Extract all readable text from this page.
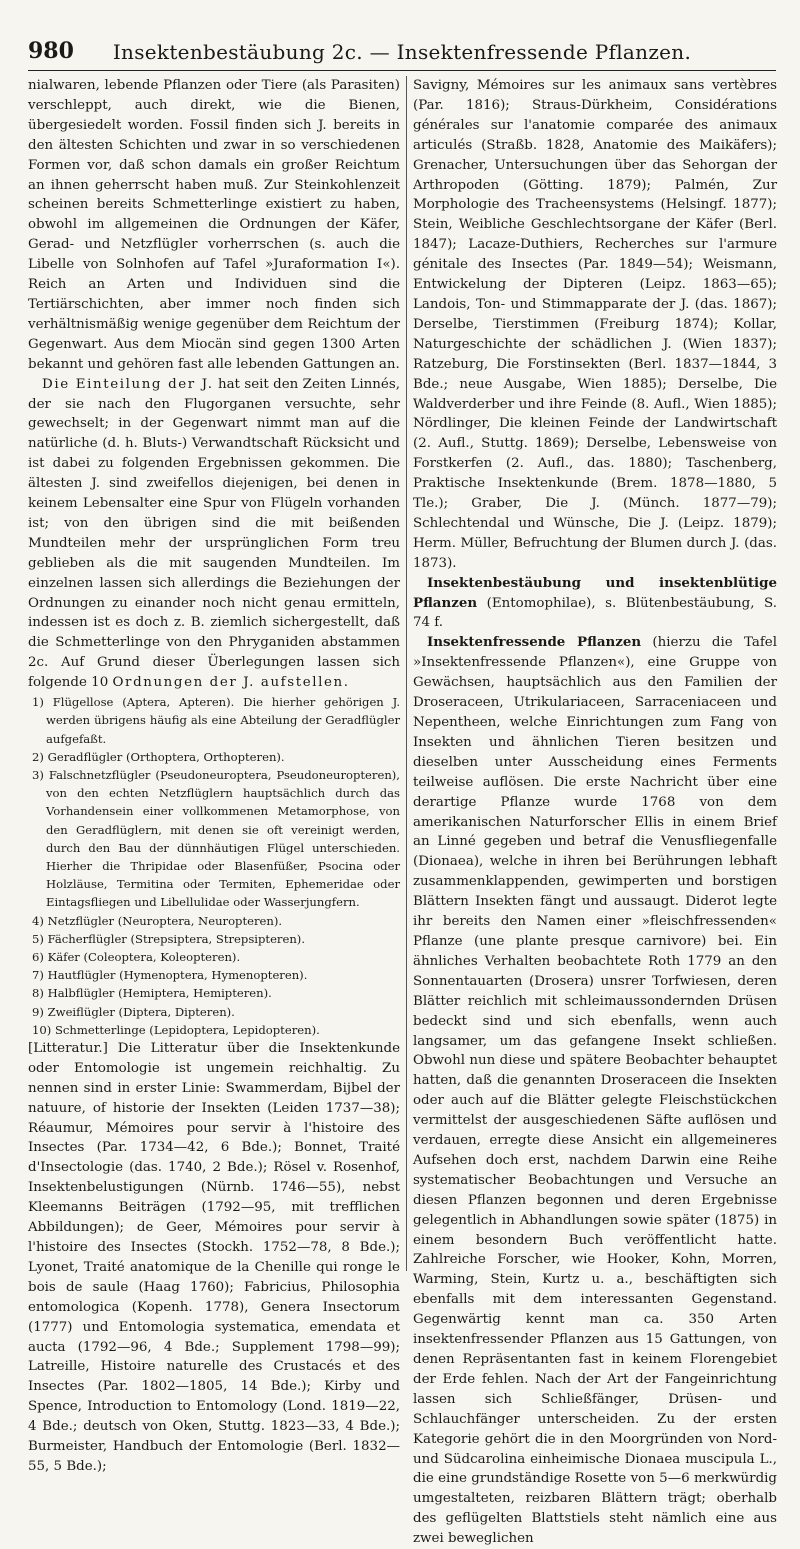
980	Insektenbestäubung 2c. — Insektenfressende Pflanzen.

nialwaren, lebende Pflanzen oder Tiere (als Parasiten) verschleppt, auch direkt, wie die Bienen, übergesiedelt worden. Fossil finden sich J. bereits in den ältesten Schichten und zwar in so verschiedenen Formen vor, daß schon damals ein großer Reichtum an ihnen geherrscht haben muß. Zur Steinkohlenzeit scheinen bereits Schmetterlinge existiert zu haben, obwohl im allgemeinen die Ordnungen der Käfer, Gerad- und Netzflügler vorherrschen (s. auch die Libelle von Solnhofen auf Tafel »Juraformation I«). Reich an Arten und Individuen sind die Tertiärschichten, aber immer noch finden sich verhältnismäßig wenige gegenüber dem Reichtum der Gegenwart. Aus dem Miocän sind gegen 1300 Arten bekannt und gehören fast alle lebenden Gattungen an.

Die Einteilung der J. hat seit den Zeiten Linnés, der sie nach den Flugorganen versuchte, sehr gewechselt; in der Gegenwart nimmt man auf die natürliche (d. h. Bluts-) Verwandtschaft Rücksicht und ist dabei zu folgenden Ergebnissen gekommen. Die ältesten J. sind zweifellos diejenigen, bei denen in keinem Lebensalter eine Spur von Flügeln vorhanden ist; von den übrigen sind die mit beißenden Mundteilen mehr der ursprünglichen Form treu geblieben als die mit saugenden Mundteilen. Im einzelnen lassen sich allerdings die Beziehungen der Ordnungen zu einander noch nicht genau ermitteln, indessen ist es doch z. B. ziemlich sichergestellt, daß die Schmetterlinge von den Phryganiden abstammen 2c. Auf Grund dieser Überlegungen lassen sich folgende 10 Ordnungen der J. aufstellen.

1) Flügellose (Aptera, Apteren). Die hierher gehörigen J. werden übrigens häufig als eine Abteilung der Geradflügler aufgefaßt.
2) Geradflügler (Orthoptera, Orthopteren).
3) Falschnetzflügler (Pseudoneuroptera, Pseudoneuropteren), von den echten Netzflüglern hauptsächlich durch das Vorhandensein einer vollkommenen Metamorphose, von den Geradflüglern, mit denen sie oft vereinigt werden, durch den Bau der dünnhäutigen Flügel unterschieden. Hierher die Thripidae oder Blasenfüßer, Psocina oder Holzläuse, Termitina oder Termiten, Ephemeridae oder Eintagsfliegen und Libellulidae oder Wasserjungfern.
4) Netzflügler (Neuroptera, Neuropteren).
5) Fächerflügler (Strepsiptera, Strepsipteren).
6) Käfer (Coleoptera, Koleopteren).
7) Hautflügler (Hymenoptera, Hymenopteren).
8) Halbflügler (Hemiptera, Hemipteren).
9) Zweiflügler (Diptera, Dipteren).
10) Schmetterlinge (Lepidoptera, Lepidopteren).

[Litteratur.] Die Litteratur über die Insektenkunde oder Entomologie ist ungemein reichhaltig. Zu nennen sind in erster Linie: Swammerdam, Bijbel der natuure, of historie der Insekten (Leiden 1737—38); Réaumur, Mémoires pour servir à l'histoire des Insectes (Par. 1734—42, 6 Bde.); Bonnet, Traité d'Insectologie (das. 1740, 2 Bde.); Rösel v. Rosenhof, Insektenbelustigungen (Nürnb. 1746—55), nebst Kleemanns Beiträgen (1792—95, mit trefflichen Abbildungen); de Geer, Mémoires pour servir à l'histoire des Insectes (Stockh. 1752—78, 8 Bde.); Lyonet, Traité anatomique de la Chenille qui ronge le bois de saule (Haag 1760); Fabricius, Philosophia entomologica (Kopenh. 1778), Genera Insectorum (1777) und Entomologia systematica, emendata et aucta (1792—96, 4 Bde.; Supplement 1798—99); Latreille, Histoire naturelle des Crustacés et des Insectes (Par. 1802—1805, 14 Bde.); Kirby und Spence, Introduction to Entomology (Lond. 1819—22, 4 Bde.; deutsch von Oken, Stuttg. 1823—33, 4 Bde.); Burmeister, Handbuch der Entomologie (Berl. 1832—55, 5 Bde.);

Savigny, Mémoires sur les animaux sans vertèbres (Par. 1816); Straus-Dürkheim, Considérations générales sur l'anatomie comparée des animaux articulés (Straßb. 1828, Anatomie des Maikäfers); Grenacher, Untersuchungen über das Sehorgan der Arthropoden (Götting. 1879); Palmén, Zur Morphologie des Tracheensystems (Helsingf. 1877); Stein, Weibliche Geschlechtsorgane der Käfer (Berl. 1847); Lacaze-Duthiers, Recherches sur l'armure génitale des Insectes (Par. 1849—54); Weismann, Entwickelung der Dipteren (Leipz. 1863—65); Landois, Ton- und Stimmapparate der J. (das. 1867); Derselbe, Tierstimmen (Freiburg 1874); Kollar, Naturgeschichte der schädlichen J. (Wien 1837); Ratzeburg, Die Forstinsekten (Berl. 1837—1844, 3 Bde.; neue Ausgabe, Wien 1885); Derselbe, Die Waldverderber und ihre Feinde (8. Aufl., Wien 1885); Nördlinger, Die kleinen Feinde der Landwirtschaft (2. Aufl., Stuttg. 1869); Derselbe, Lebensweise von Forstkerfen (2. Aufl., das. 1880); Taschenberg, Praktische Insektenkunde (Brem. 1878—1880, 5 Tle.); Graber, Die J. (Münch. 1877—79); Schlechtendal und Wünsche, Die J. (Leipz. 1879); Herm. Müller, Befruchtung der Blumen durch J. (das. 1873).

Insektenbestäubung und insektenblütige Pflanzen (Entomophilae), s. Blütenbestäubung, S. 74 f.

Insektenfressende Pflanzen (hierzu die Tafel »Insektenfressende Pflanzen«), eine Gruppe von Gewächsen, hauptsächlich aus den Familien der Droseraceen, Utrikulariaceen, Sarraceniaceen und Nepentheen, welche Einrichtungen zum Fang von Insekten und ähnlichen Tieren besitzen und dieselben unter Ausscheidung eines Ferments teilweise auflösen. Die erste Nachricht über eine derartige Pflanze wurde 1768 von dem amerikanischen Naturforscher Ellis in einem Brief an Linné gegeben und betraf die Venusfliegenfalle (Dionaea), welche in ihren bei Berührungen lebhaft zusammenklappenden, gewimperten und borstigen Blättern Insekten fängt und aussaugt. Diderot legte ihr bereits den Namen einer »fleischfressenden« Pflanze (une plante presque carnivore) bei. Ein ähnliches Verhalten beobachtete Roth 1779 an den Sonnentauarten (Drosera) unsrer Torfwiesen, deren Blätter reichlich mit schleimaussondernden Drüsen bedeckt sind und sich ebenfalls, wenn auch langsamer, um das gefangene Insekt schließen. Obwohl nun diese und spätere Beobachter behauptet hatten, daß die genannten Droseraceen die Insekten oder auch auf die Blätter gelegte Fleischstückchen vermittelst der ausgeschiedenen Säfte auflösen und verdauen, erregte diese Ansicht ein allgemeineres Aufsehen doch erst, nachdem Darwin eine Reihe systematischer Beobachtungen und Versuche an diesen Pflanzen begonnen und deren Ergebnisse gelegentlich in Abhandlungen sowie später (1875) in einem besondern Buch veröffentlicht hatte. Zahlreiche Forscher, wie Hooker, Kohn, Morren, Warming, Stein, Kurtz u. a., beschäftigten sich ebenfalls mit dem interessanten Gegenstand. Gegenwärtig kennt man ca. 350 Arten insektenfressender Pflanzen aus 15 Gattungen, von denen Repräsentanten fast in keinem Florengebiet der Erde fehlen. Nach der Art der Fangeinrichtung lassen sich Schließfänger, Drüsen- und Schlauchfänger unterscheiden. Zu der ersten Kategorie gehört die in den Moorgründen von Nord- und Südcarolina einheimische Dionaea muscipula L., die eine grundständige Rosette von 5—6 merkwürdig umgestalteten, reizbaren Blättern trägt; oberhalb des geflügelten Blattstiels steht nämlich eine aus zwei beweglichen
